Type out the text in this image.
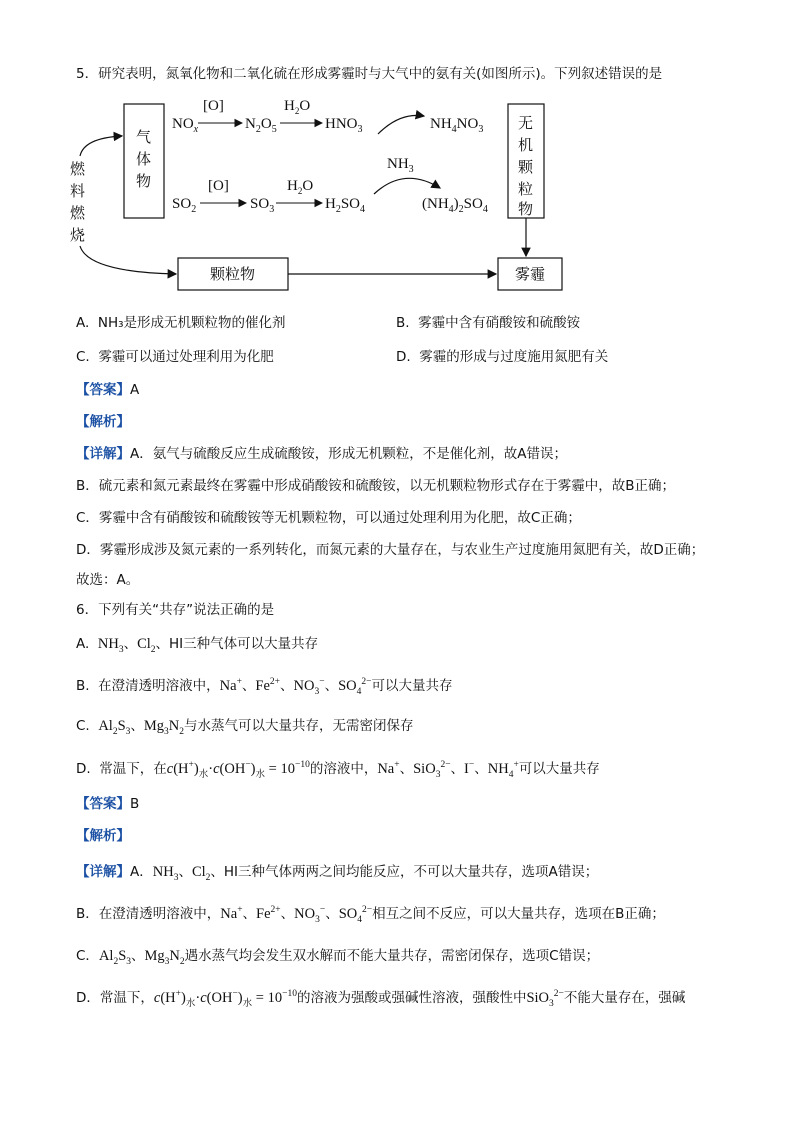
5．研究表明，氮氧化物和二氧化硫在形成雾霾时与大气中的氨有关(如图所示)。下列叙述错误的是
气
体
物
无
机
颗
粒
物
颗粒物	雾霾
燃
料
燃
烧
$NO_x$
[O]
$N_2O_5$
$H_2O$
$HNO_3$	$NH_4NO_3$
$NH_3$
$SO_2$
[O]
$SO_3$
$H_2O$
$H_2SO_4$	$(NH_4)_2SO_4$
A. NH₃是形成无机颗粒物的催化剂	B. 雾霾中含有硝酸铵和硫酸铵
C. 雾霾可以通过处理利用为化肥	D. 雾霾的形成与过度施用氮肥有关
【答案】A
【解析】
【详解】A．氨气与硫酸反应生成硫酸铵，形成无机颗粒，不是催化剂，故A错误；
B．硫元素和氮元素最终在雾霾中形成硝酸铵和硫酸铵，以无机颗粒物形式存在于雾霾中，故B正确；
C．雾霾中含有硝酸铵和硫酸铵等无机颗粒物，可以通过处理利用为化肥，故C正确；
D．雾霾形成涉及氮元素的一系列转化，而氮元素的大量存在，与农业生产过度施用氮肥有关，故D正确；
故选：A。
6．下列有关“共存”说法正确的是
A.  $NH_3$、$Cl_2$、HI三种气体可以大量共存
B.  在澄清透明溶液中，Na+、$Fe^{2+}$、$NO_3^-$、$SO_4^{2-}$可以大量共存
C.  $Al_2S_3$、$Mg_3N_2$与水蒸气可以大量共存，无需密闭保存
D.  常温下，在$c(H^+)_水\cdot c(OH^-)_水 = 10^{-10}$的溶液中，Na+、SiO$_3^{2-}$、I−、$NH_4^+$可以大量共存
【答案】B
【解析】
【详解】A．$NH_3$、$Cl_2$、HI三种气体两两之间均能反应，不可以大量共存，选项A错误；
B．在澄清透明溶液中，Na+、$Fe^{2+}$、$NO_3^-$、$SO_4^{2-}$相互之间不反应，可以大量共存，选项在B正确；
C．$Al_2S_3$、$Mg_3N_2$遇水蒸气均会发生双水解而不能大量共存，需密闭保存，选项C错误；
D．常温下，$c(H^+)_水\cdot c(OH^-)_水 = 10^{-10}$的溶液为强酸或强碱性溶液，强酸性中SiO$_3^{2-}$不能大量存在，强碱
